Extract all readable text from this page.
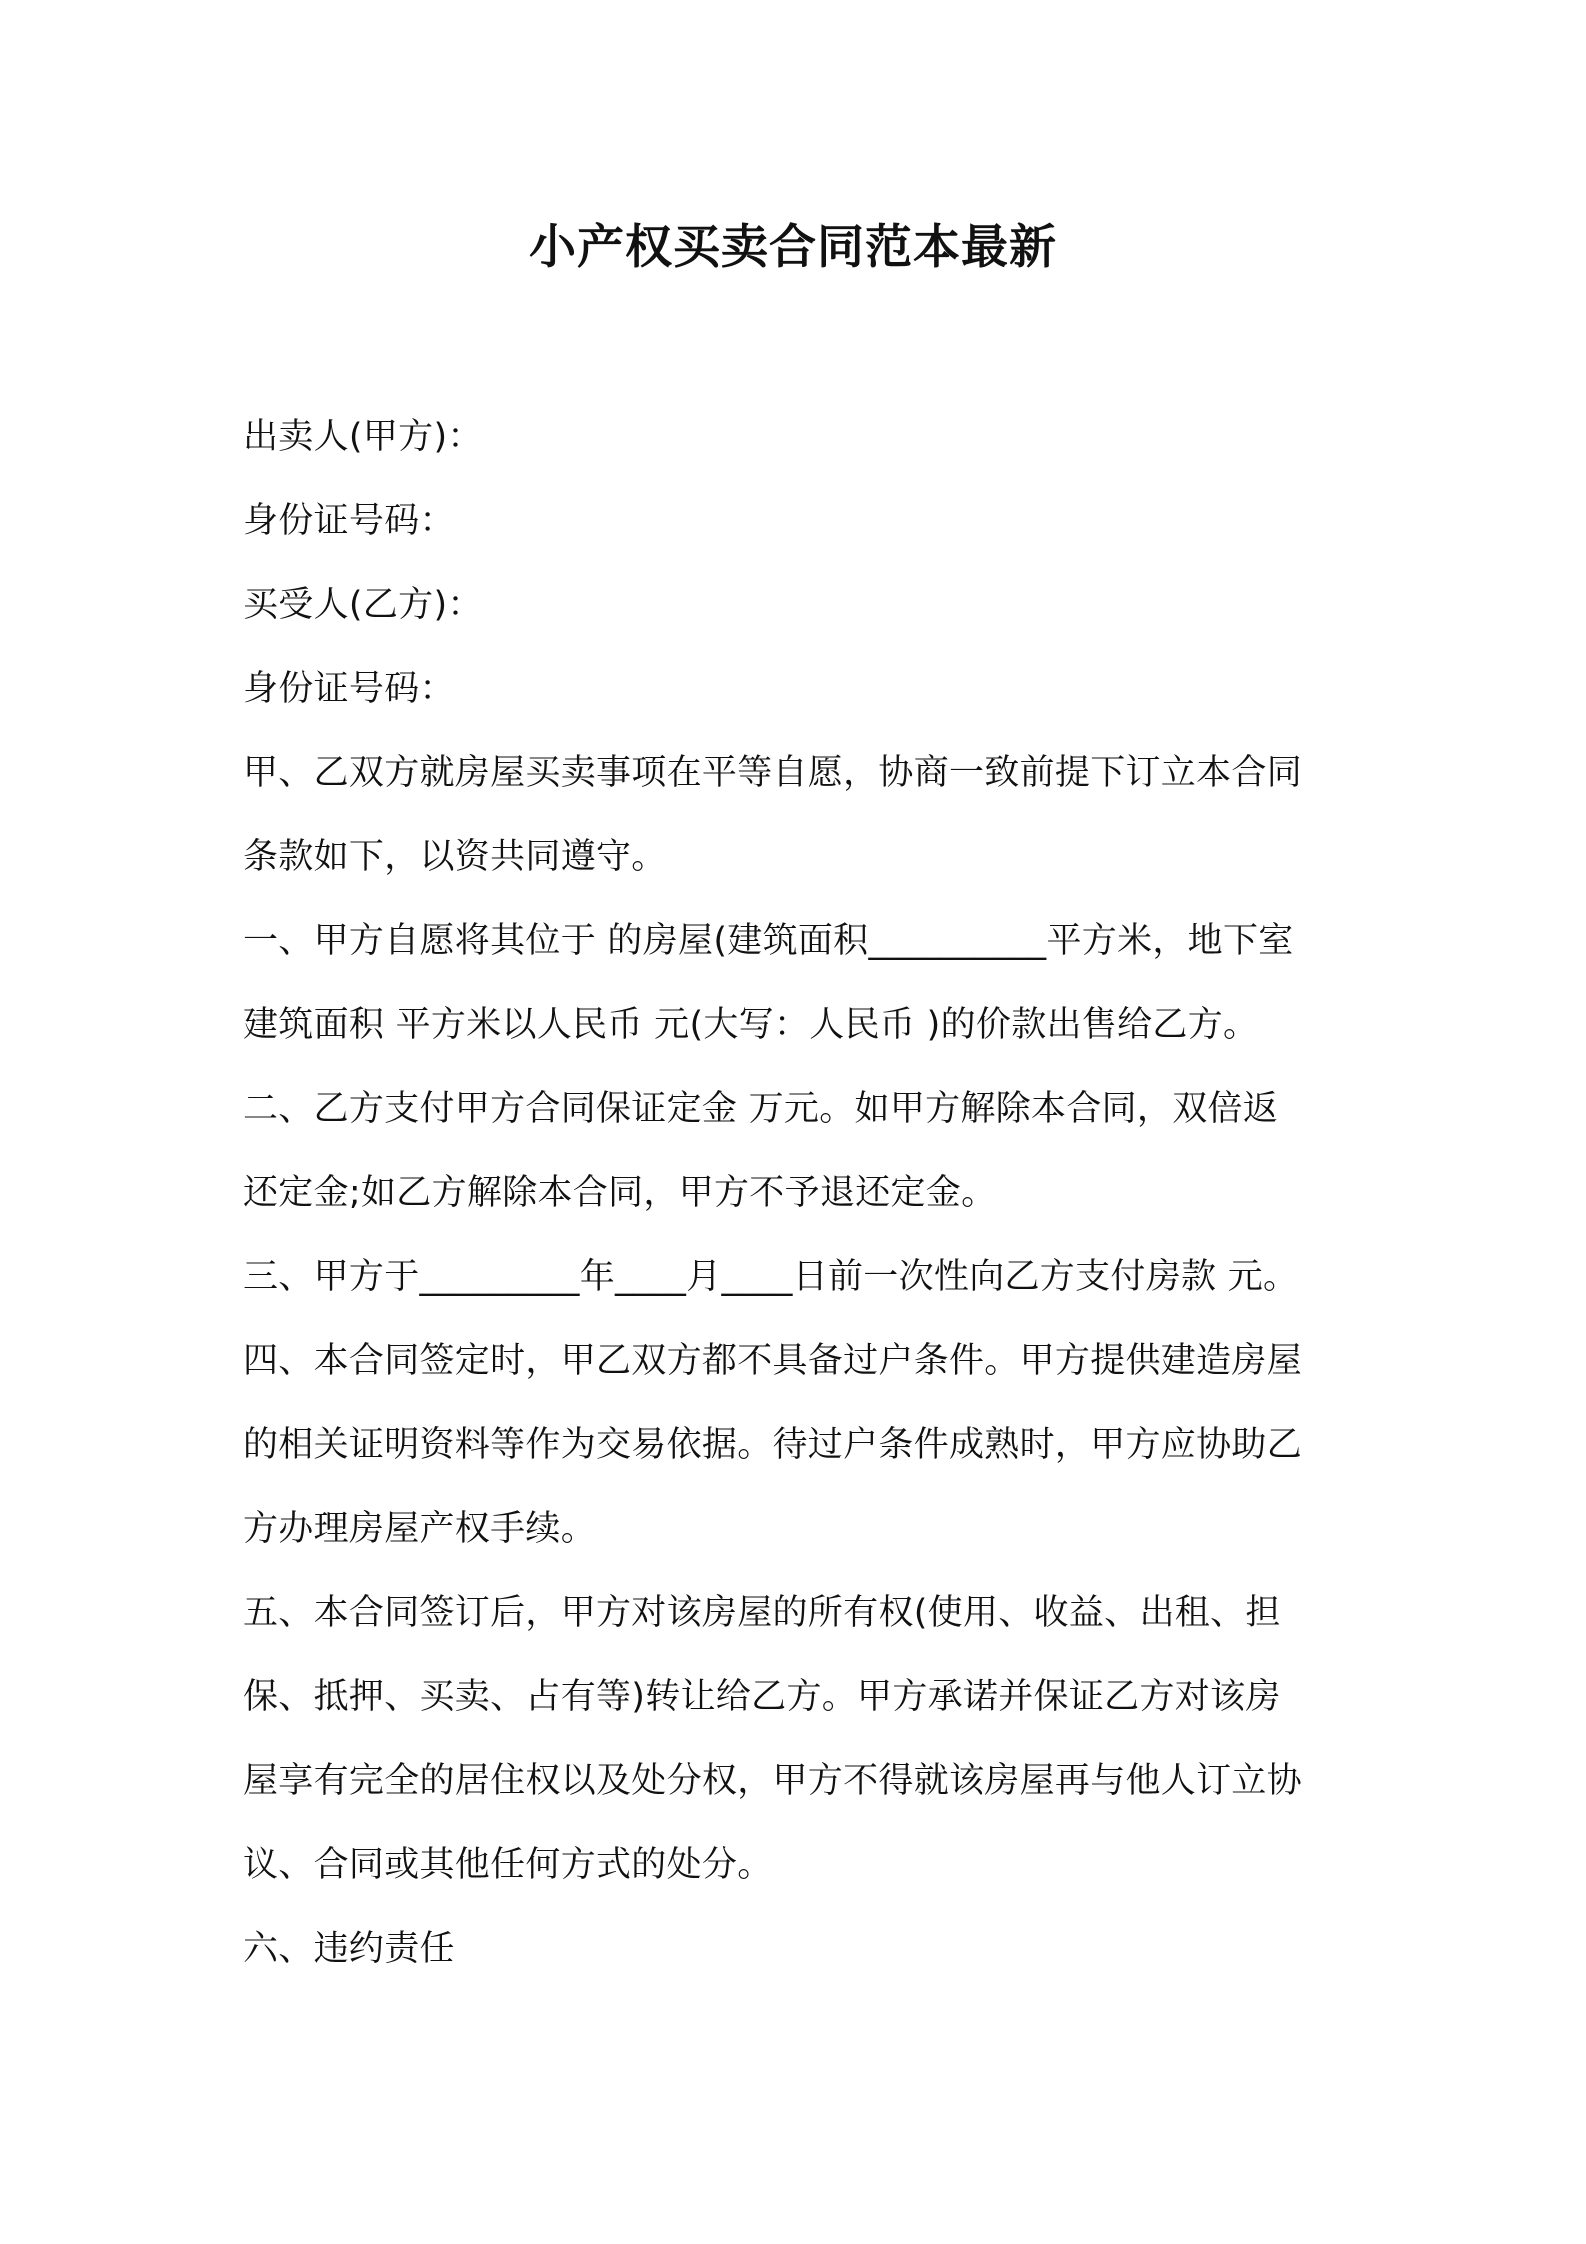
小产权买卖合同范本最新
出卖人(甲方)：
身份证号码：
买受人(乙方)：
身份证号码：
甲、乙双方就房屋买卖事项在平等自愿，协商一致前提下订立本合同
条款如下，以资共同遵守。
一、甲方自愿将其位于 的房屋(建筑面积__________平方米，地下室
建筑面积 平方米以人民币 元(大写：人民币 )的价款出售给乙方。
二、乙方支付甲方合同保证定金 万元。如甲方解除本合同，双倍返
还定金;如乙方解除本合同，甲方不予退还定金。
三、甲方于_________年____月____日前一次性向乙方支付房款 元。
四、本合同签定时，甲乙双方都不具备过户条件。甲方提供建造房屋
的相关证明资料等作为交易依据。待过户条件成熟时，甲方应协助乙
方办理房屋产权手续。
五、本合同签订后，甲方对该房屋的所有权(使用、收益、出租、担
保、抵押、买卖、占有等)转让给乙方。甲方承诺并保证乙方对该房
屋享有完全的居住权以及处分权，甲方不得就该房屋再与他人订立协
议、合同或其他任何方式的处分。
六、违约责任
